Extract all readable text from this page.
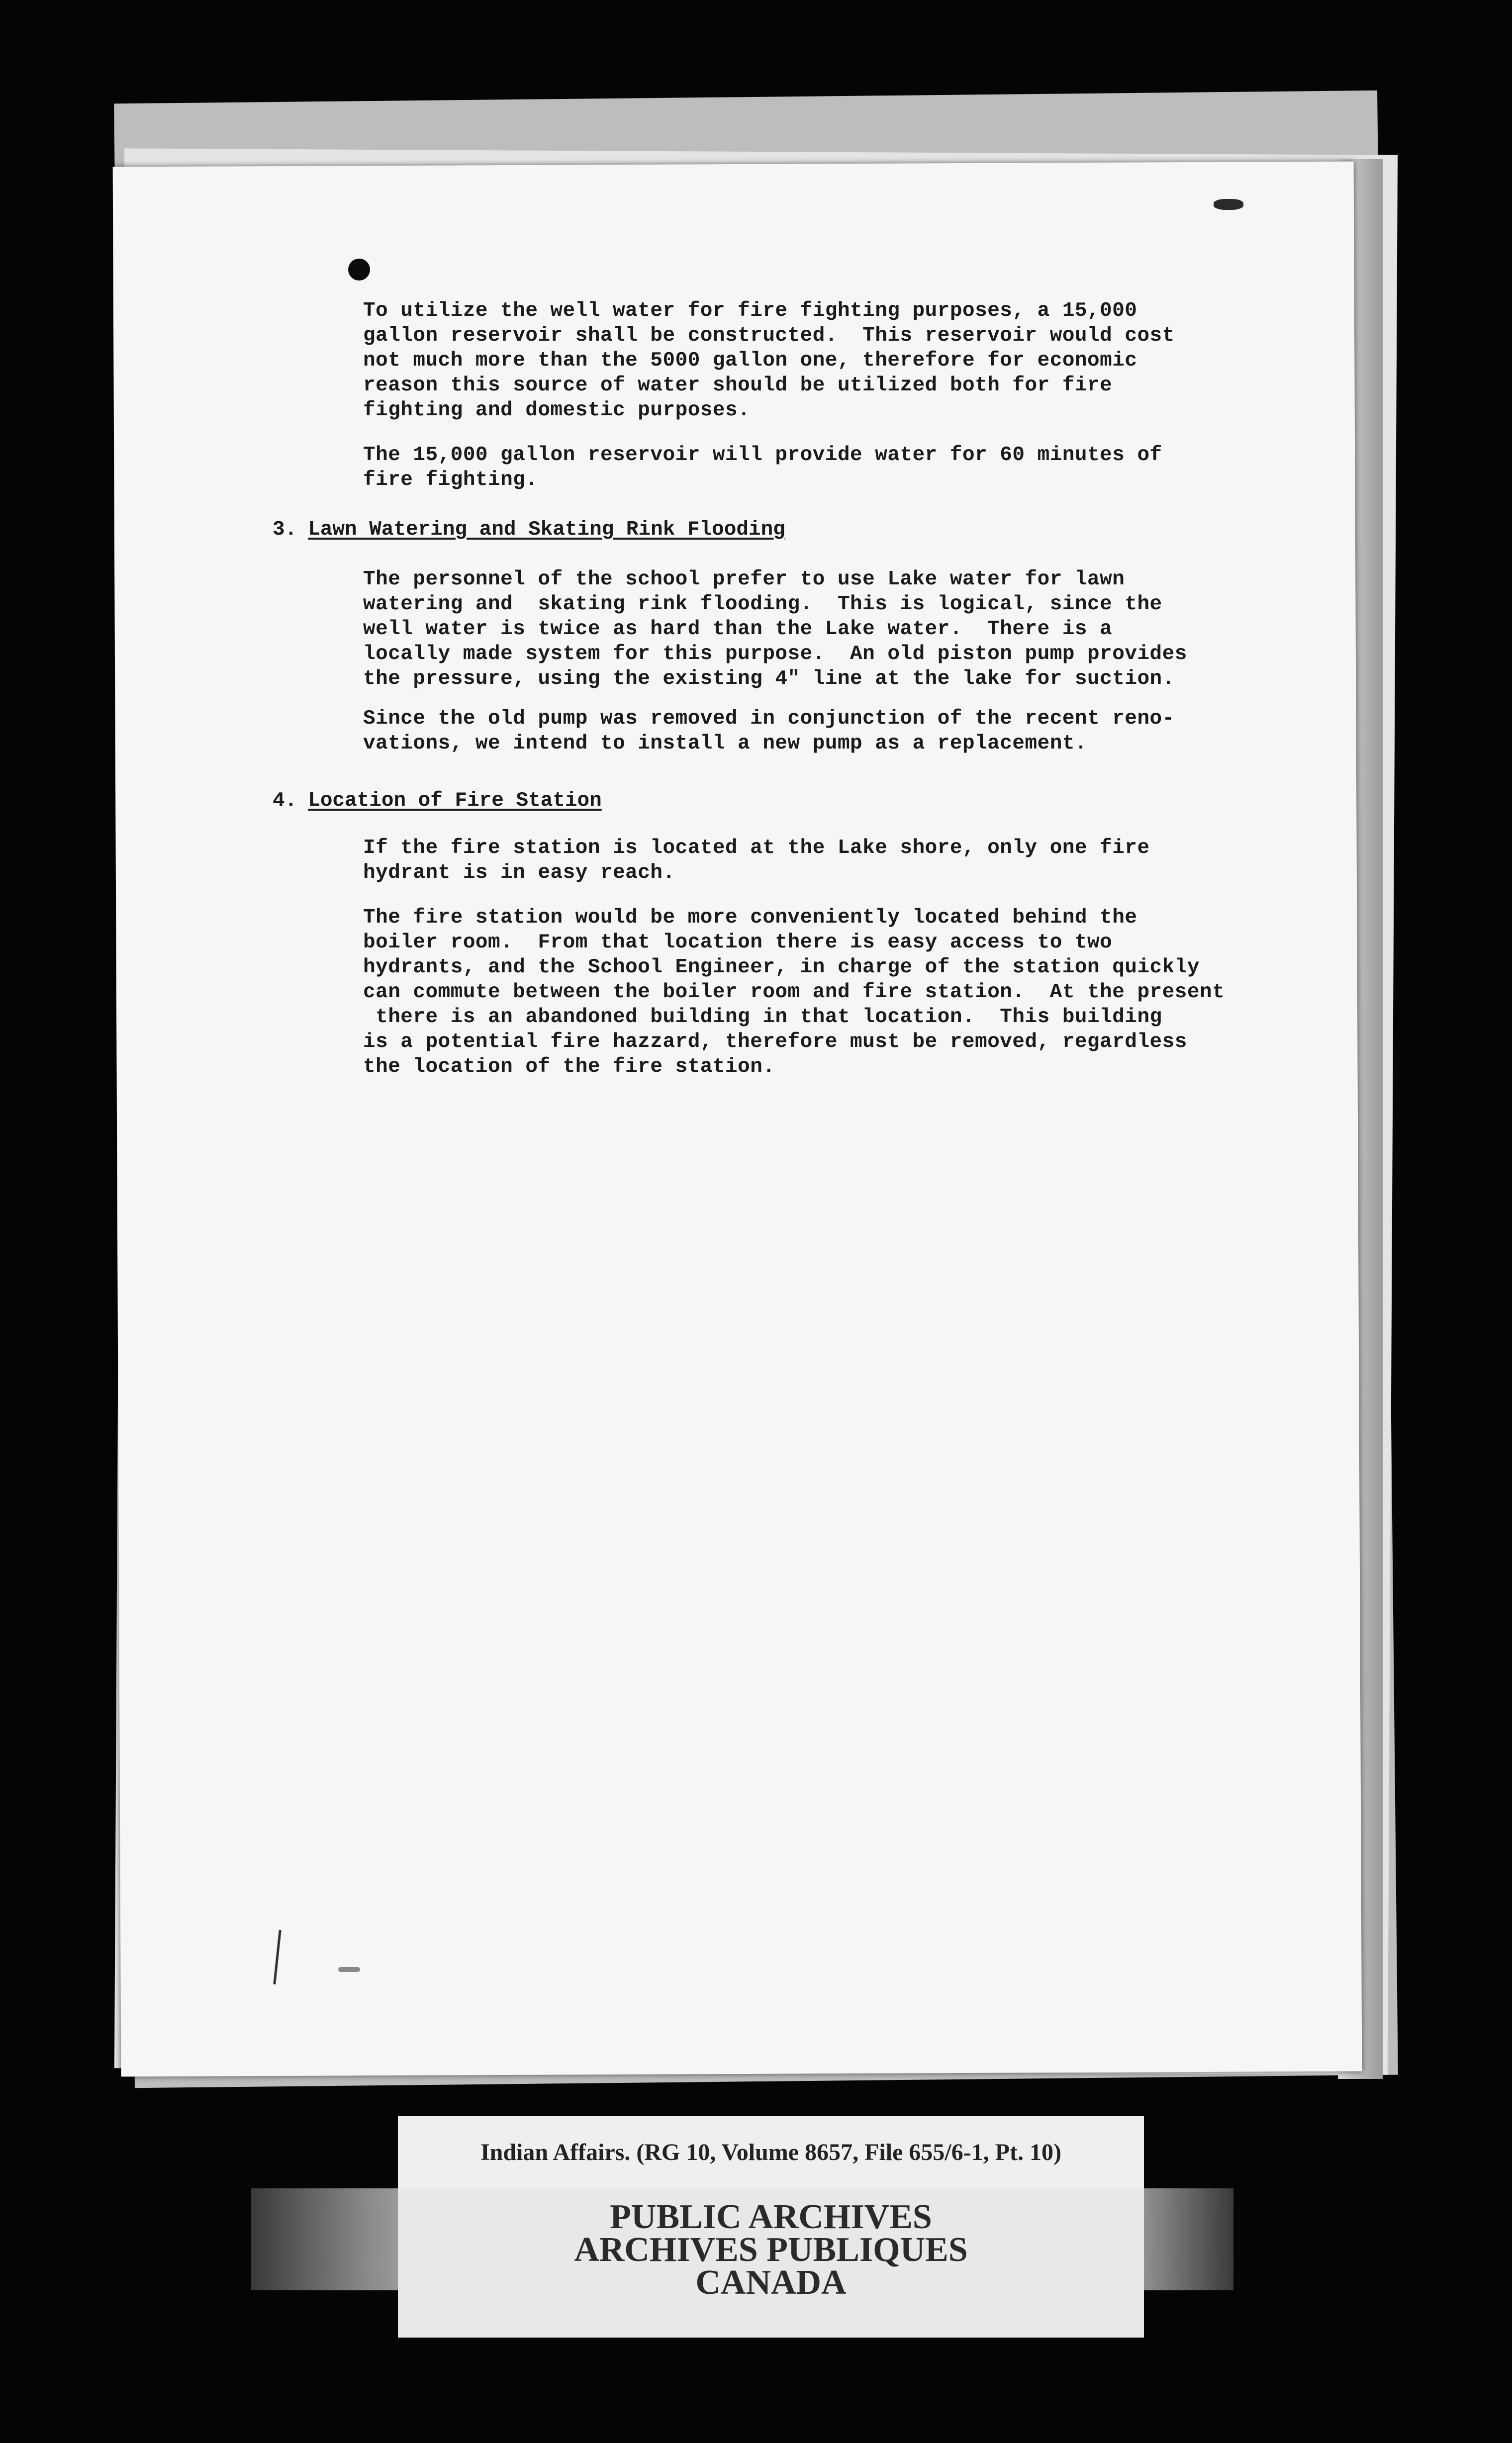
To utilize the well water for fire fighting purposes, a 15,000
gallon reservoir shall be constructed.  This reservoir would cost
not much more than the 5000 gallon one, therefore for economic
reason this source of water should be utilized both for fire
fighting and domestic purposes.
The 15,000 gallon reservoir will provide water for 60 minutes of
fire fighting.
3. Lawn Watering and Skating Rink Flooding
The personnel of the school prefer to use Lake water for lawn
watering and  skating rink flooding.  This is logical, since the
well water is twice as hard than the Lake water.  There is a
locally made system for this purpose.  An old piston pump provides
the pressure, using the existing 4" line at the lake for suction.
Since the old pump was removed in conjunction of the recent reno-
vations, we intend to install a new pump as a replacement.
4. Location of Fire Station
If the fire station is located at the Lake shore, only one fire
hydrant is in easy reach.
The fire station would be more conveniently located behind the
boiler room.  From that location there is easy access to two
hydrants, and the School Engineer, in charge of the station quickly
can commute between the boiler room and fire station.  At the present
there is an abandoned building in that location.  This building
is a potential fire hazzard, therefore must be removed, regardless
the location of the fire station.
Indian Affairs. (RG 10, Volume 8657, File 655/6-1, Pt. 10)
PUBLIC ARCHIVES
ARCHIVES PUBLIQUES
CANADA
